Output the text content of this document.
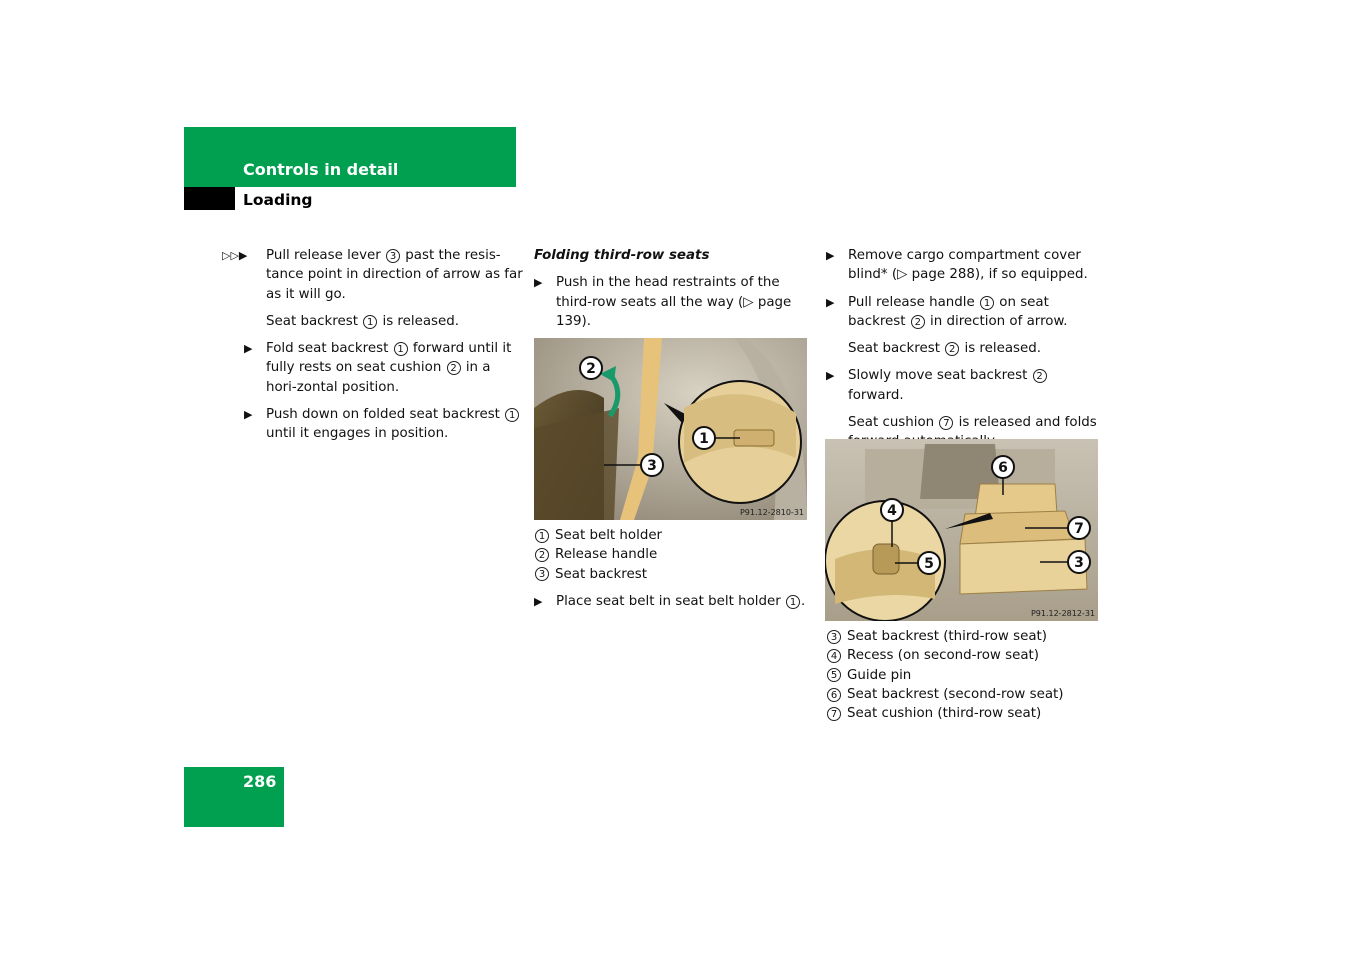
Controls in detail
Loading
▷▷▶ Pull release lever 3 past the resis-tance point in direction of arrow as far as it will go.

Seat backrest 1 is released.

▶ Fold seat backrest 1 forward until it fully rests on seat cushion 2 in a hori-zontal position.

▶ Push down on folded seat backrest 1 until it engages in position.

Folding third-row seats

▶ Push in the head restraints of the third-row seats all the way (▷ page 139).

2
1
3
P91.12-2810-31
1 Seat belt holder
2 Release handle
3 Seat backrest
▶ Place seat belt in seat belt holder 1 .

▶ Remove cargo compartment cover blind* (▷ page 288), if so equipped.

▶ Pull release handle 1 on seat backrest 2 in direction of arrow.

Seat backrest 2 is released.

▶ Slowly move seat backrest 2 forward.

Seat cushion 7 is released and folds

6
4
5
7
3
P91.12-2812-31
3 Seat backrest (third-row seat)
4 Recess (on second-row seat)
5 Guide pin
6 Seat backrest (second-row seat)
7 Seat cushion (third-row seat)
286
